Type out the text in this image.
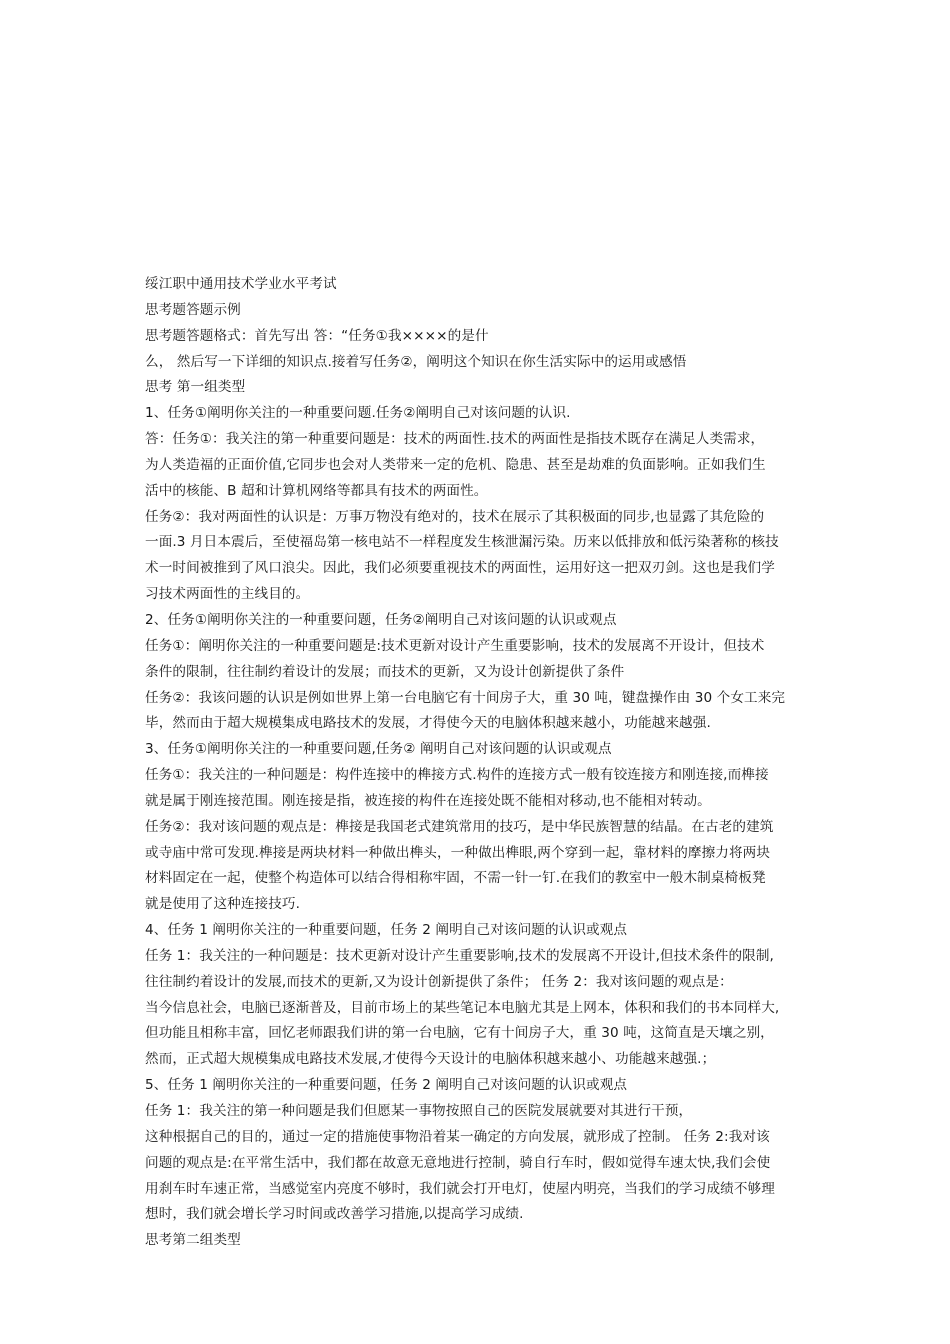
绥江职中通用技术学业水平考试
思考题答题示例
思考题答题格式：首先写出 答：“任务①我××××的是什
么， 然后写一下详细的知识点.接着写任务②，阐明这个知识在你生活实际中的运用或感悟
思考 第一组类型
1、任务①阐明你关注的一种重要问题.任务②阐明自己对该问题的认识.
答：任务①：我关注的第一种重要问题是：技术的两面性.技术的两面性是指技术既存在满足人类需求，
为人类造福的正面价值,它同步也会对人类带来一定的危机、隐患、甚至是劫难的负面影响。正如我们生
活中的核能、B 超和计算机网络等都具有技术的两面性。
任务②：我对两面性的认识是：万事万物没有绝对的，技术在展示了其积极面的同步,也显露了其危险的
一面.3 月日本震后，至使福岛第一核电站不一样程度发生核泄漏污染。历来以低排放和低污染著称的核技
术一时间被推到了风口浪尖。因此，我们必须要重视技术的两面性，运用好这一把双刃剑。这也是我们学
习技术两面性的主线目的。
2、任务①阐明你关注的一种重要问题，任务②阐明自己对该问题的认识或观点
任务①：阐明你关注的一种重要问题是:技术更新对设计产生重要影响，技术的发展离不开设计，但技术
条件的限制，往往制约着设计的发展；而技术的更新，又为设计创新提供了条件
任务②：我该问题的认识是例如世界上第一台电脑它有十间房子大，重 30 吨，键盘操作由 30 个女工来完
毕，然而由于超大规模集成电路技术的发展，才得使今天的电脑体积越来越小，功能越来越强.
3、任务①阐明你关注的一种重要问题,任务② 阐明自己对该问题的认识或观点
任务①：我关注的一种问题是：构件连接中的榫接方式.构件的连接方式一般有铰连接方和刚连接,而榫接
就是属于刚连接范围。刚连接是指，被连接的构件在连接处既不能相对移动,也不能相对转动。
任务②：我对该问题的观点是：榫接是我国老式建筑常用的技巧，是中华民族智慧的结晶。在古老的建筑
或寺庙中常可发现.榫接是两块材料一种做出榫头，一种做出榫眼,两个穿到一起，靠材料的摩擦力将两块
材料固定在一起，使整个构造体可以结合得相称牢固，不需一针一钉.在我们的教室中一般木制桌椅板凳
就是使用了这种连接技巧.
4、任务 1 阐明你关注的一种重要问题，任务 2 阐明自己对该问题的认识或观点
任务 1：我关注的一种问题是：技术更新对设计产生重要影响,技术的发展离不开设计,但技术条件的限制,
往往制约着设计的发展,而技术的更新,又为设计创新提供了条件； 任务 2：我对该问题的观点是：
当今信息社会，电脑已逐渐普及，目前市场上的某些笔记本电脑尤其是上网本，体积和我们的书本同样大,
但功能且相称丰富，回忆老师跟我们讲的第一台电脑，它有十间房子大，重 30 吨，这简直是天壤之别，
然而，正式超大规模集成电路技术发展,才使得今天设计的电脑体积越来越小、功能越来越强.；
5、任务 1 阐明你关注的一种重要问题，任务 2 阐明自己对该问题的认识或观点
任务 1：我关注的第一种问题是我们但愿某一事物按照自己的医院发展就要对其进行干预，
这种根据自己的目的，通过一定的措施使事物沿着某一确定的方向发展，就形成了控制。 任务 2:我对该
问题的观点是:在平常生活中，我们都在故意无意地进行控制，骑自行车时，假如觉得车速太快,我们会使
用刹车时车速正常，当感觉室内亮度不够时，我们就会打开电灯，使屋内明亮，当我们的学习成绩不够理
想时，我们就会增长学习时间或改善学习措施,以提高学习成绩.
思考第二组类型
